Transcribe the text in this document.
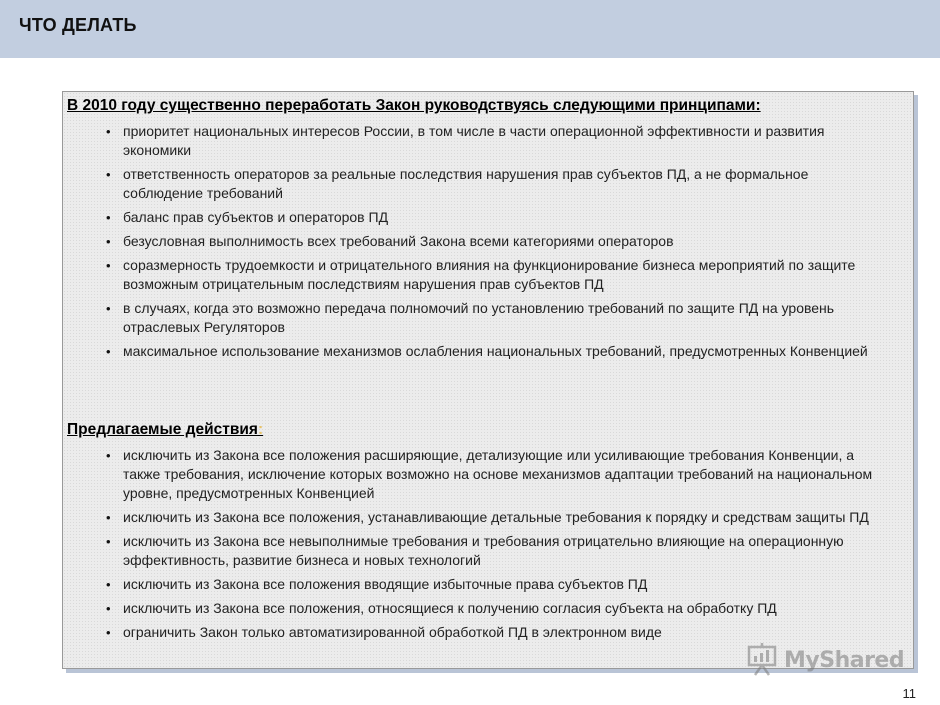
ЧТО ДЕЛАТЬ
В 2010 году существенно переработать Закон руководствуясь следующими принципами:
• приоритет национальных интересов России, в том числе в части операционной эффективности и развития экономики
• ответственность операторов за реальные последствия нарушения прав субъектов ПД, а не формальное соблюдение требований
• баланс прав субъектов и операторов ПД
• безусловная выполнимость всех требований Закона всеми категориями операторов
• соразмерность трудоемкости и отрицательного влияния на функционирование бизнеса мероприятий по защите возможным отрицательным последствиям нарушения прав субъектов ПД
• в случаях, когда это возможно передача полномочий по установлению требований по защите ПД на уровень отраслевых Регуляторов
• максимальное использование механизмов ослабления национальных требований, предусмотренных Конвенцией
Предлагаемые действия:
• исключить из Закона все положения расширяющие, детализующие или усиливающие требования Конвенции, а также требования, исключение которых возможно на основе механизмов адаптации требований на национальном уровне, предусмотренных Конвенцией
• исключить из Закона все положения, устанавливающие детальные требования к порядку и средствам защиты ПД
• исключить из Закона все невыполнимые требования и требования отрицательно влияющие на операционную эффективность, развитие бизнеса и новых технологий
• исключить из Закона все положения вводящие избыточные права субъектов ПД
• исключить из Закона все положения, относящиеся к получению согласия субъекта на обработку ПД
• ограничить Закон только автоматизированной обработкой ПД в электронном виде
MyShared
11
